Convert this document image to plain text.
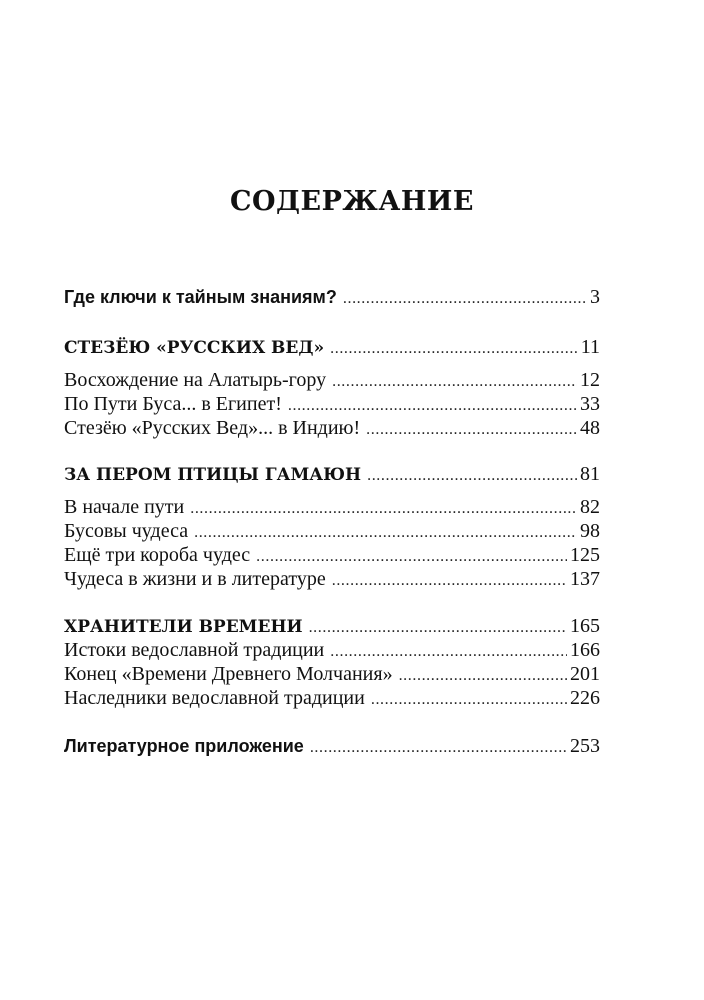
СОДЕРЖАНИЕ
Где ключи к тайным знаниям? .....	3
СТЕЗЁЮ «РУССКИХ ВЕД» .....	11
Восхождение на Алатырь-гору .....	12
По Пути Буса... в Египет! .....	33
Стезёю «Русских Вед»... в Индию! .....	48
ЗА ПЕРОМ ПТИЦЫ ГАМАЮН .....	81
В начале пути .....	82
Бусовы чудеса .....	98
Ещё три короба чудес .....	125
Чудеса в жизни и в литературе .....	137
ХРАНИТЕЛИ ВРЕМЕНИ .....	165
Истоки ведославной традиции .....	166
Конец «Времени Древнего Молчания» .....	201
Наследники ведославной традиции .....	226
Литературное приложение .....	253
